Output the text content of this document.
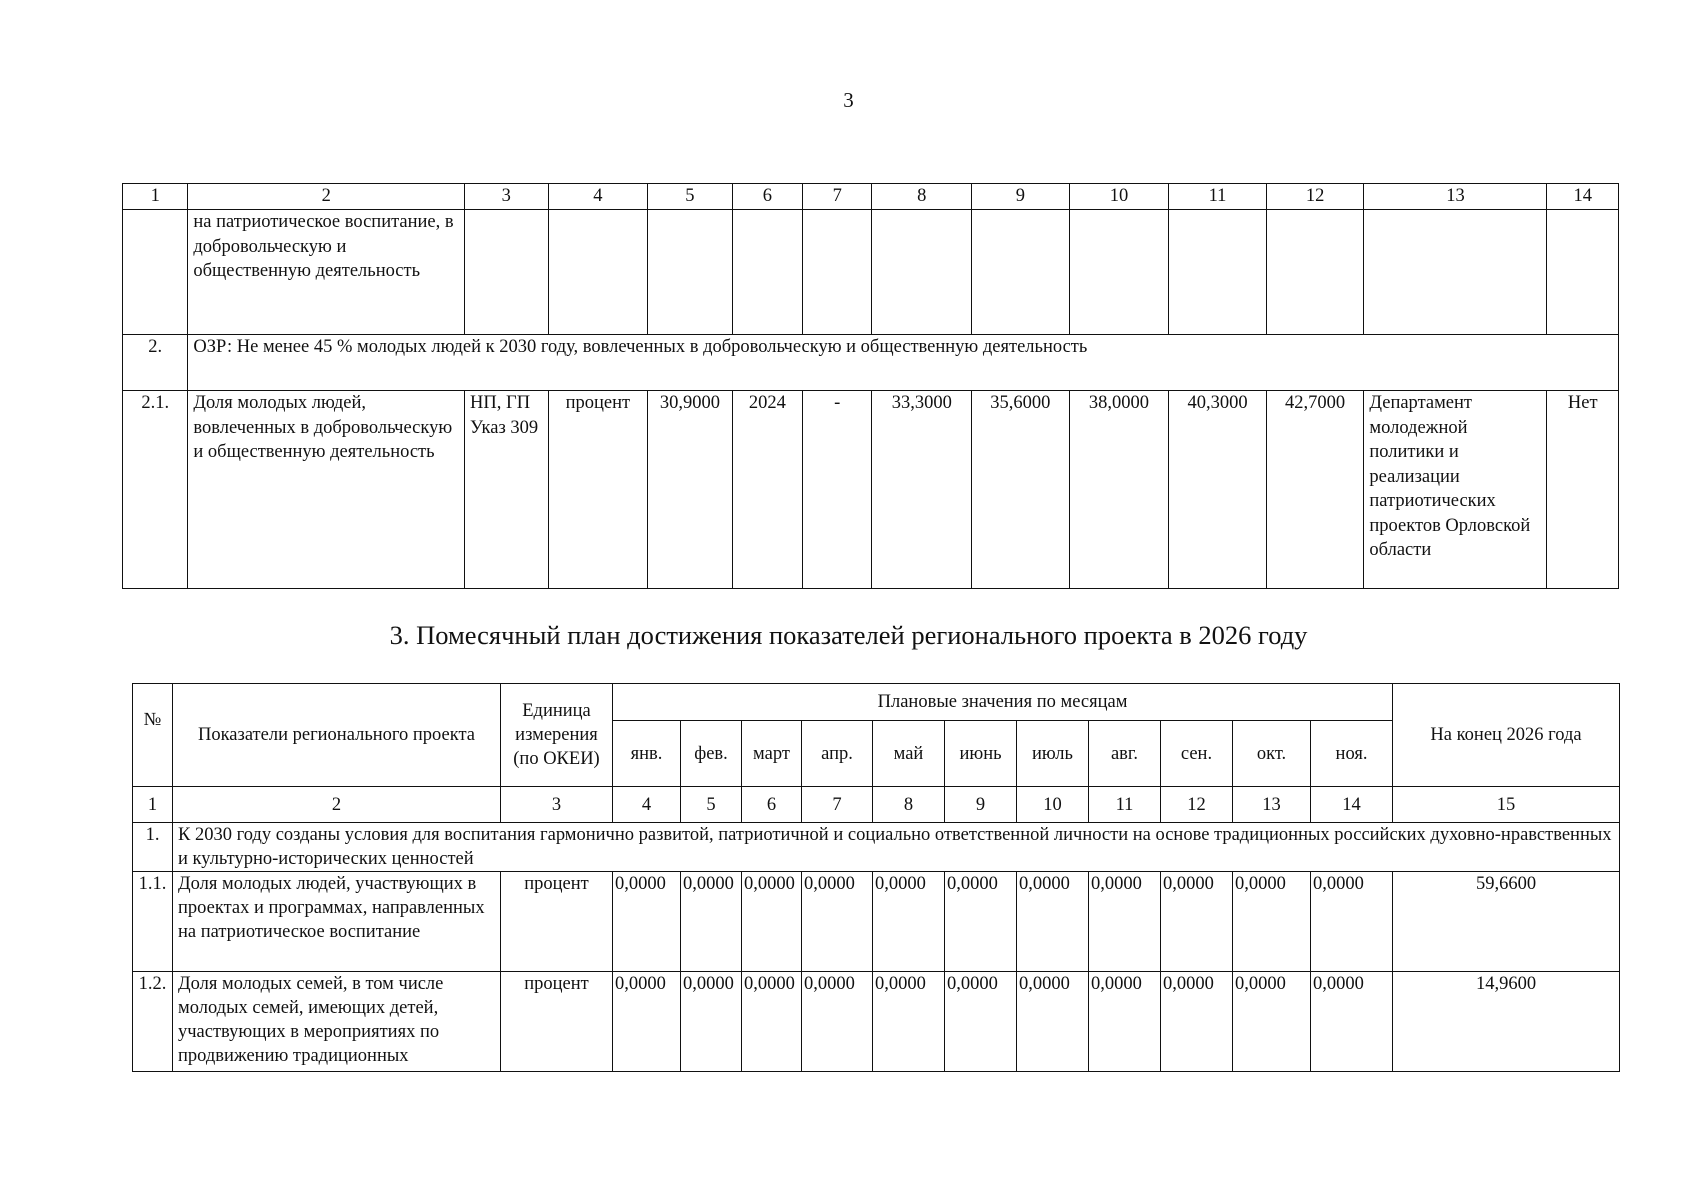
3
1	2	3	4	5	6	7	8	9	10	11	12	13	14
	на патриотическое воспитание, в добровольческую и общественную деятельность												
2.	ОЗР: Не менее 45 % молодых людей к 2030 году, вовлеченных в добровольческую и общественную деятельность												
2.1.	Доля молодых людей, вовлеченных в добровольческую и общественную деятельность	НП, ГП Указ 309	процент	30,9000	2024	-	33,3000	35,6000	38,0000	40,3000	42,7000	Департамент молодежной политики и реализации патриотических проектов Орловской области	Нет
3. Помесячный план достижения показателей регионального проекта в 2026 году
№	Показатели регионального проекта	Единица измерения (по ОКЕИ)	Плановые значения по месяцам											На конец 2026 года
			янв.	фев.	март	апр.	май	июнь	июль	авг.	сен.	окт.	ноя.	
1	2	3	4	5	6	7	8	9	10	11	12	13	14	15
1.	К 2030 году созданы условия для воспитания гармонично развитой, патриотичной и социально ответственной личности на основе традиционных российских духовно-нравственных и культурно-исторических ценностей													
1.1.	Доля молодых людей, участвующих в проектах и программах, направленных на патриотическое воспитание	процент	0,0000	0,0000	0,0000	0,0000	0,0000	0,0000	0,0000	0,0000	0,0000	0,0000	0,0000	59,6600
1.2.	Доля молодых семей, в том числе молодых семей, имеющих детей, участвующих в мероприятиях по продвижению традиционных	процент	0,0000	0,0000	0,0000	0,0000	0,0000	0,0000	0,0000	0,0000	0,0000	0,0000	0,0000	14,9600
